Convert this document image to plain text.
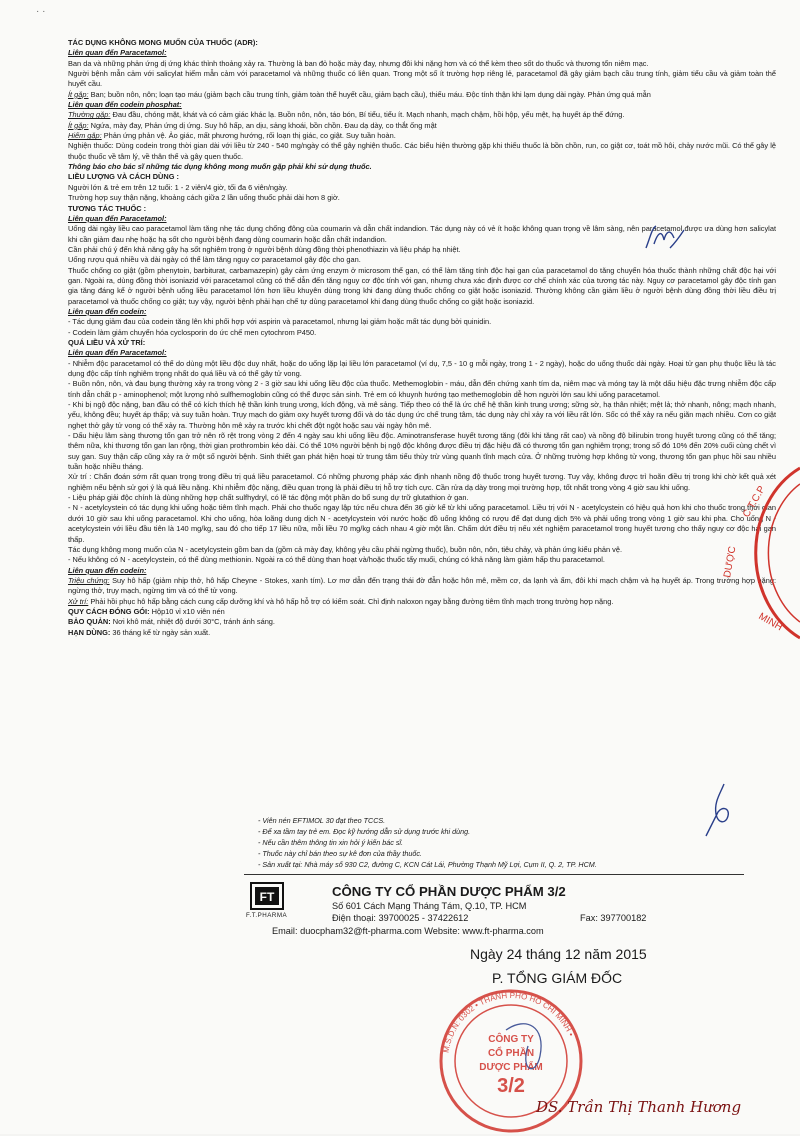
· ·

TÁC DỤNG KHÔNG MONG MUỐN CỦA THUỐC (ADR):

Liên quan đến Paracetamol:

Ban da và những phản ứng dị ứng khác thỉnh thoảng xảy ra. Thường là ban đỏ hoặc mày đay, nhưng đôi khi nặng hơn và có thể kèm theo sốt do thuốc và thương tổn niêm mạc.

Người bệnh mẫn cảm với salicylat hiếm mẫn cảm với paracetamol và những thuốc có liên quan. Trong một số ít trường hợp riêng lẻ, paracetamol đã gây giảm bạch cầu trung tính, giảm tiểu cầu và giảm toàn thể huyết cầu.

Ít gặp: Ban; buồn nôn, nôn; loạn tạo máu (giảm bạch cầu trung tính, giảm toàn thể huyết cầu, giảm bạch cầu), thiếu máu. Độc tính thận khi lạm dụng dài ngày. Phản ứng quá mẫn

Liên quan đến codein phosphat:

Thường gặp: Đau đầu, chóng mặt, khát và có cảm giác khác lạ. Buồn nôn, nôn, táo bón, Bí tiểu, tiểu ít. Mạch nhanh, mạch chậm, hồi hộp, yếu mệt, hạ huyết áp thế đứng.

Ít gặp: Ngứa, mày đay, Phản ứng dị ứng. Suy hô hấp, an dịu, sảng khoái, bồn chồn. Đau dạ dày, co thắt ống mật

Hiếm gặp: Phản ứng phản vệ. Ảo giác, mất phương hướng, rối loạn thị giác, co giật. Suy tuần hoàn.

Nghiện thuốc: Dùng codein trong thời gian dài với liều từ 240 - 540 mg/ngày có thể gây nghiện thuốc. Các biểu hiện thường gặp khi thiếu thuốc là bồn chồn, run, co giật cơ, toát mồ hôi, chảy nước mũi. Có thể gây lệ thuộc thuốc về tâm lý, về thân thể và gây quen thuốc.

Thông báo cho bác sĩ những tác dụng không mong muốn gặp phải khi sử dụng thuốc.

LIỀU LƯỢNG VÀ CÁCH DÙNG :

Người lớn & trẻ em trên 12 tuổi: 1 - 2 viên/4 giờ, tối đa 6 viên/ngày.

Trường hợp suy thận nặng, khoảng cách giữa 2 lần uống thuốc phải dài hơn 8 giờ.

TƯƠNG TÁC THUỐC :

Liên quan đến Paracetamol:

Uống dài ngày liều cao paracetamol làm tăng nhẹ tác dụng chống đông của coumarin và dẫn chất indandion. Tác dụng này có vẻ ít hoặc không quan trọng về lâm sàng, nên paracetamol được ưa dùng hơn salicylat khi cần giảm đau nhẹ hoặc hạ sốt cho người bệnh đang dùng coumarin hoặc dẫn chất indandion.

Cần phải chú ý đến khả năng gây hạ sốt nghiêm trọng ở người bệnh dùng đồng thời phenothiazin và liệu pháp hạ nhiệt.

Uống rượu quá nhiều và dài ngày có thể làm tăng nguy cơ paracetamol gây độc cho gan.

Thuốc chống co giật (gồm phenytoin, barbiturat, carbamazepin) gây cảm ứng enzym ở microsom thể gan, có thể làm tăng tính độc hại gan của paracetamol do tăng chuyển hóa thuốc thành những chất độc hại với gan. Ngoài ra, dùng đồng thời isoniazid với paracetamol cũng có thể dẫn đến tăng nguy cơ độc tính với gan, nhưng chưa xác định được cơ chế chính xác của tương tác này. Nguy cơ paracetamol gây độc tính gan gia tăng đáng kể ở người bệnh uống liều paracetamol lớn hơn liều khuyên dùng trong khi đang dùng thuốc chống co giật hoặc isoniazid. Thường không cần giảm liều ở người bệnh dùng đồng thời liều điều trị paracetamol và thuốc chống co giật; tuy vậy, người bệnh phải hạn chế tự dùng paracetamol khi đang dùng thuốc chống co giật hoặc isoniazid.

Liên quan đến codein:

- Tác dụng giảm đau của codein tăng lên khi phối hợp với aspirin và paracetamol, nhưng lại giảm hoặc mất tác dụng bởi quinidin.

- Codein làm giảm chuyển hóa cyclosporin do ức chế men cytochrom P450.

QUÁ LIỀU VÀ XỬ TRÍ:

Liên quan đến Paracetamol:

- Nhiễm độc paracetamol có thể do dùng một liều độc duy nhất, hoặc do uống lặp lại liều lớn paracetamol (ví dụ, 7,5 - 10 g mỗi ngày, trong 1 - 2 ngày), hoặc do uống thuốc dài ngày. Hoại tử gan phụ thuộc liều là tác dụng độc cấp tính nghiêm trọng nhất do quá liều và có thể gây tử vong.

- Buồn nôn, nôn, và đau bụng thường xảy ra trong vòng 2 - 3 giờ sau khi uống liều độc của thuốc. Methemoglobin - máu, dẫn đến chứng xanh tím da, niêm mạc và móng tay là một dấu hiệu đặc trưng nhiễm độc cấp tính dẫn chất p - aminophenol; một lượng nhỏ sulfhemoglobin cũng có thể được sản sinh. Trẻ em có khuynh hướng tạo methemoglobin dễ hơn người lớn sau khi uống paracetamol.

- Khi bị ngộ độc nặng, ban đầu có thể có kích thích hệ thần kinh trung ương, kích động, và mê sảng. Tiếp theo có thể là ức chế hệ thần kinh trung ương; sững sờ, hạ thân nhiệt; mệt lả; thở nhanh, nông; mạch nhanh, yếu, không đều; huyết áp thấp; và suy tuần hoàn. Trụy mạch do giảm oxy huyết tương đối và do tác dụng ức chế trung tâm, tác dụng này chỉ xảy ra với liều rất lớn. Sốc có thể xảy ra nếu giãn mạch nhiều. Cơn co giật nghẹt thở gây tử vong có thể xảy ra. Thường hôn mê xảy ra trước khi chết đột ngột hoặc sau vài ngày hôn mê.

- Dấu hiệu lâm sàng thương tổn gan trở nên rõ rệt trong vòng 2 đến 4 ngày sau khi uống liều độc. Aminotransferase huyết tương tăng (đôi khi tăng rất cao) và nồng độ bilirubin trong huyết tương cũng có thể tăng; thêm nữa, khi thương tổn gan lan rộng, thời gian prothrombin kéo dài. Có thể 10% người bệnh bị ngộ độc không được điều trị đặc hiệu đã có thương tổn gan nghiêm trọng; trong số đó 10% đến 20% cuối cùng chết vì suy gan. Suy thận cấp cũng xảy ra ở một số người bệnh. Sinh thiết gan phát hiện hoại tử trung tâm tiểu thùy trừ vùng quanh tĩnh mạch cửa. Ở những trường hợp không tử vong, thương tổn gan phục hồi sau nhiều tuần hoặc nhiều tháng.

Xử trí : Chẩn đoán sớm rất quan trọng trong điều trị quá liều paracetamol. Có những phương pháp xác định nhanh nồng độ thuốc trong huyết tương. Tuy vậy, không được trì hoãn điều trị trong khi chờ kết quả xét nghiệm nếu bệnh sử gợi ý là quá liều nặng. Khi nhiễm độc nặng, điều quan trọng là phải điều trị hỗ trợ tích cực. Cần rửa dạ dày trong mọi trường hợp, tốt nhất trong vòng 4 giờ sau khi uống.

- Liệu pháp giải độc chính là dùng những hợp chất sulfhydryl, có lẽ tác động một phần do bổ sung dự trữ glutathion ở gan.

- N - acetylcystein có tác dụng khi uống hoặc tiêm tĩnh mạch. Phải cho thuốc ngay lập tức nếu chưa đến 36 giờ kể từ khi uống paracetamol. Liều trị với N - acetylcystein có hiệu quả hơn khi cho thuốc trong thời gian dưới 10 giờ sau khi uống paracetamol. Khi cho uống, hòa loãng dung dịch N - acetylcystein với nước hoặc đồ uống không có rượu để đạt dung dịch 5% và phải uống trong vòng 1 giờ sau khi pha. Cho uống N - acetylcystein với liều đầu tiên là 140 mg/kg, sau đó cho tiếp 17 liều nữa, mỗi liều 70 mg/kg cách nhau 4 giờ một lần. Chấm dứt điều trị nếu xét nghiệm paracetamol trong huyết tương cho thấy nguy cơ độc hại gan thấp.

Tác dụng không mong muốn của N - acetylcystein gồm ban da (gồm cả mày đay, không yêu cầu phải ngừng thuốc), buồn nôn, nôn, tiêu chảy, và phản ứng kiểu phản vệ.

- Nếu không có N - acetylcystein, có thể dùng methionin. Ngoài ra có thể dùng than hoạt và/hoặc thuốc tẩy muối, chúng có khả năng làm giảm hấp thu paracetamol.

Liên quan đến codein:

Triệu chứng: Suy hô hấp (giảm nhịp thở, hô hấp Cheyne - Stokes, xanh tím). Lơ mơ dẫn đến trạng thái đờ đẫn hoặc hôn mê, mềm cơ, da lạnh và ẩm, đôi khi mạch chậm và hạ huyết áp. Trong trường hợp nặng: ngừng thở, trụy mạch, ngừng tim và có thể tử vong.

Xử trí: Phải hồi phục hô hấp bằng cách cung cấp dưỡng khí và hô hấp hỗ trợ có kiểm soát. Chỉ định naloxon ngay bằng đường tiêm tĩnh mạch trong trường hợp nặng.

QUY CÁCH ĐÓNG GÓI: Hộp10 vỉ x10 viên nén

BẢO QUẢN: Nơi khô mát, nhiệt độ dưới 30°C, tránh ánh sáng.

HẠN DÙNG: 36 tháng kể từ ngày sản xuất.

- Viên nén EFTIMOL 30 đạt theo TCCS.
- Để xa tầm tay trẻ em. Đọc kỹ hướng dẫn sử dụng trước khi dùng.
- Nếu cần thêm thông tin xin hỏi ý kiến bác sĩ.
- Thuốc này chỉ bán theo sự kê đơn của thầy thuốc.
- Sản xuất tại: Nhà máy số 930 C2, đường C, KCN Cát Lái, Phường Thạnh Mỹ Lợi, Cụm II, Q. 2, TP. HCM.
FT
F.T.PHARMA
CÔNG TY CỔ PHẦN DƯỢC PHẨM 3/2
Số 601 Cách Mạng Tháng Tám, Q.10, TP. HCM
Điện thoại: 39700025 - 37422612	Fax: 397700182
Email: duocpham32@ft-pharma.com Website: www.ft-pharma.com
Ngày 24 tháng 12 năm 2015
P. TỔNG GIÁM ĐỐC
C.T.C.P
DƯỢC
MINH
M.S.D.N: 0302 • THÀNH PHỐ HỒ CHÍ MINH •
CÔNG TY
CỔ PHẦN
DƯỢC PHẨM
3/2
DS. Trần Thị Thanh Hương
